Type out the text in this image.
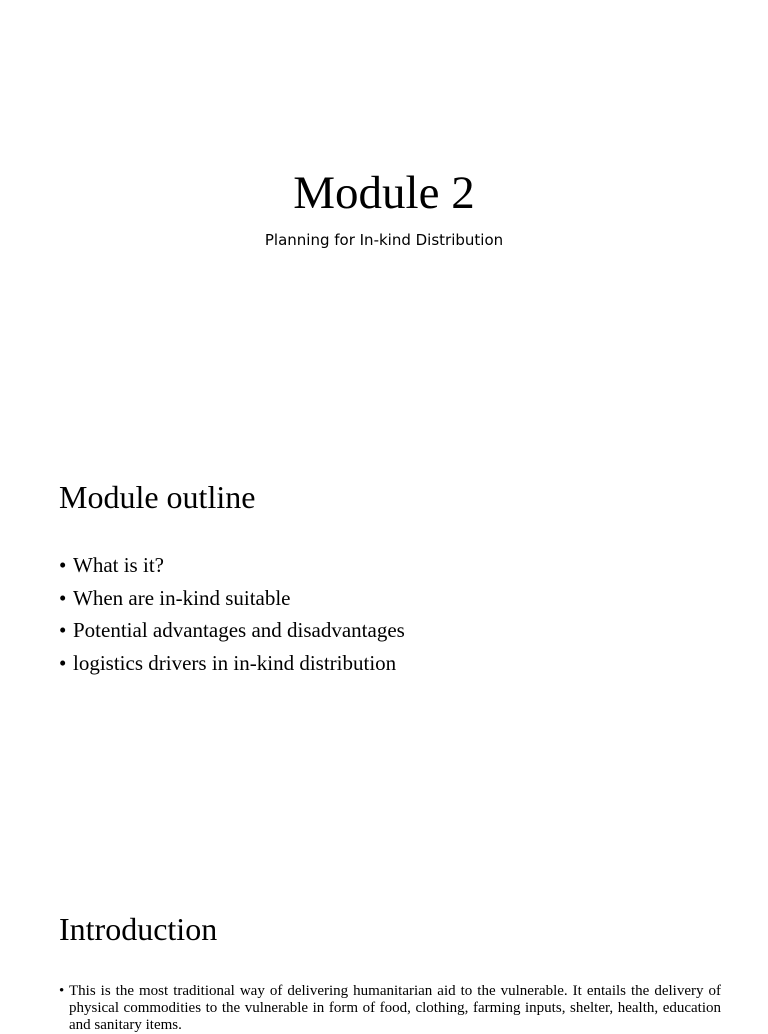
Module 2
Planning for In-kind Distribution
Module outline
• What is it?
• When are in-kind suitable
• Potential advantages and disadvantages
• logistics drivers in in-kind distribution
Introduction

• This is the most traditional way of delivering humanitarian aid to the vulnerable. It entails the delivery of physical commodities to the vulnerable in form of food, clothing, farming inputs, shelter, health, education and sanitary items.
